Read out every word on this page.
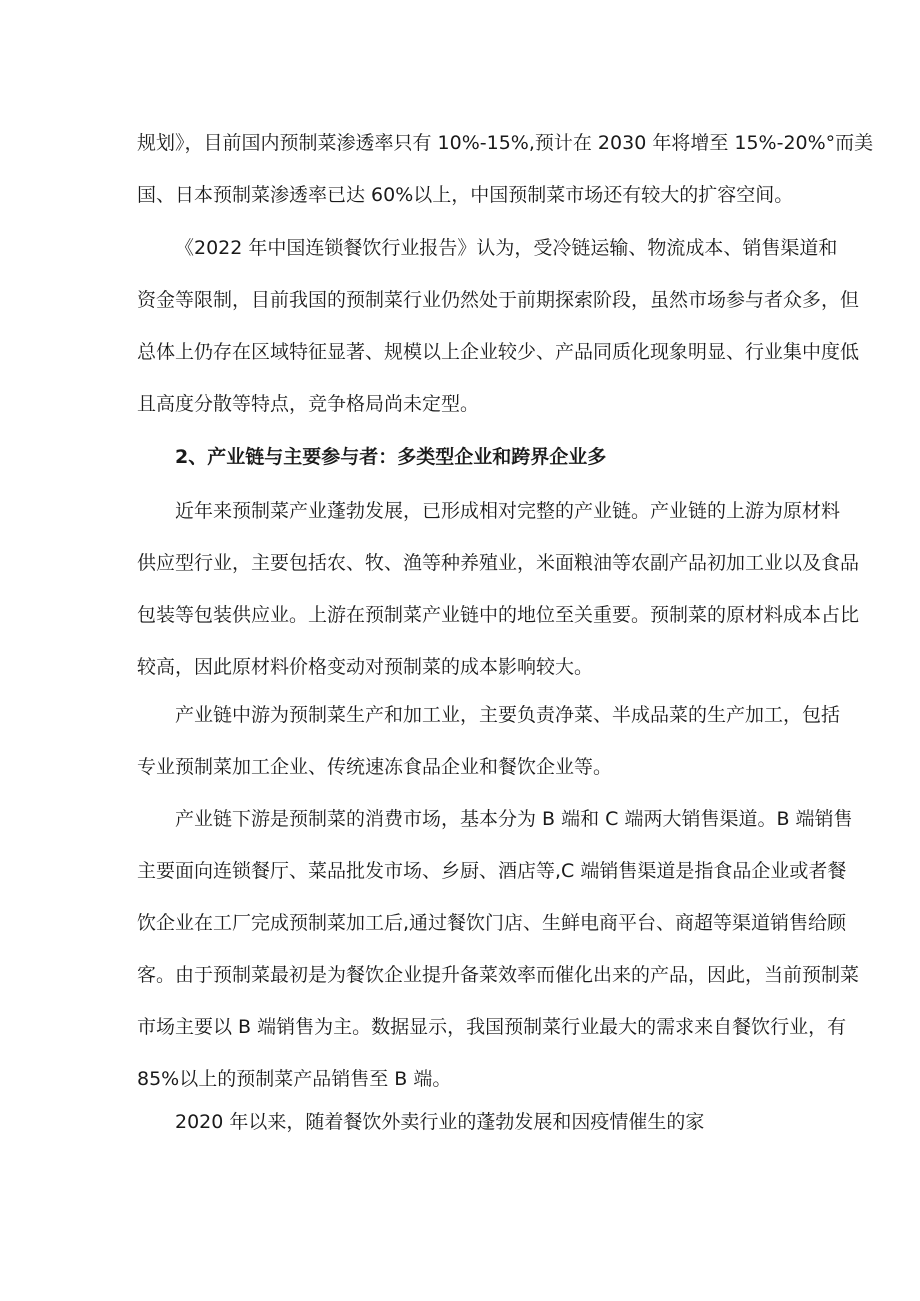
规划》，目前国内预制菜渗透率只有 10%-15%,预计在 2030 年将增至 15%-20%°而美
国、日本预制菜渗透率已达 60%以上，中国预制菜市场还有较大的扩容空间。
《2022 年中国连锁餐饮行业报告》认为，受冷链运输、物流成本、销售渠道和
资金等限制，目前我国的预制菜行业仍然处于前期探索阶段，虽然市场参与者众多，但
总体上仍存在区域特征显著、规模以上企业较少、产品同质化现象明显、行业集中度低
且高度分散等特点，竞争格局尚未定型。
2、产业链与主要参与者：多类型企业和跨界企业多
近年来预制菜产业蓬勃发展，已形成相对完整的产业链。产业链的上游为原材料
供应型行业，主要包括农、牧、渔等种养殖业，米面粮油等农副产品初加工业以及食品
包装等包装供应业。上游在预制菜产业链中的地位至关重要。预制菜的原材料成本占比
较高，因此原材料价格变动对预制菜的成本影响较大。
产业链中游为预制菜生产和加工业，主要负责净菜、半成品菜的生产加工，包括
专业预制菜加工企业、传统速冻食品企业和餐饮企业等。
产业链下游是预制菜的消费市场，基本分为 B 端和 C 端两大销售渠道。B 端销售
主要面向连锁餐厅、菜品批发市场、乡厨、酒店等,C 端销售渠道是指食品企业或者餐
饮企业在工厂完成预制菜加工后,通过餐饮门店、生鲜电商平台、商超等渠道销售给顾
客。由于预制菜最初是为餐饮企业提升备菜效率而催化出来的产品，因此，当前预制菜
市场主要以 B 端销售为主。数据显示，我国预制菜行业最大的需求来自餐饮行业，有
85%以上的预制菜产品销售至 B 端。
2020 年以来，随着餐饮外卖行业的蓬勃发展和因疫情催生的家
